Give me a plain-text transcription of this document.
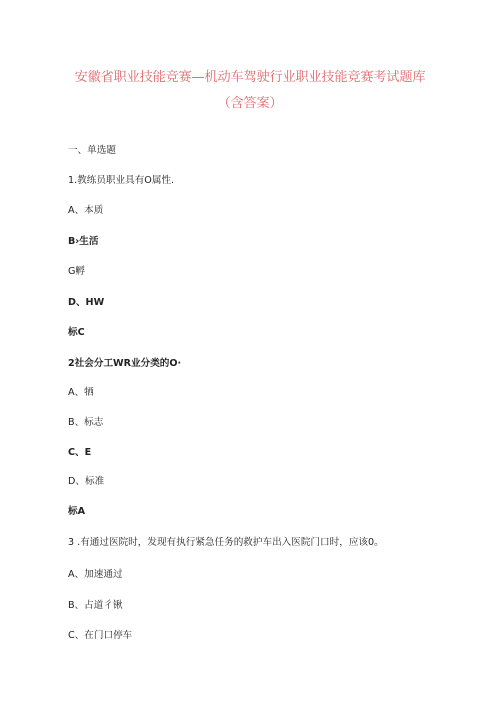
安徽省职业技能竞赛—机动车驾驶行业职业技能竞赛考试题库
（含答案）
一、单选题
1.教练员职业具有O属性.
A、本质
B›生活
G孵
D、HW
标C
2社会分工WR业分类的O·
A、牺
B、标志
C、E
D、标准
标A
3 .有通过医院时，发现有执行紧急任务的救护车出入医院门口时，应该0。
A、加速通过
B、占道彳锹
C、在门口停车
